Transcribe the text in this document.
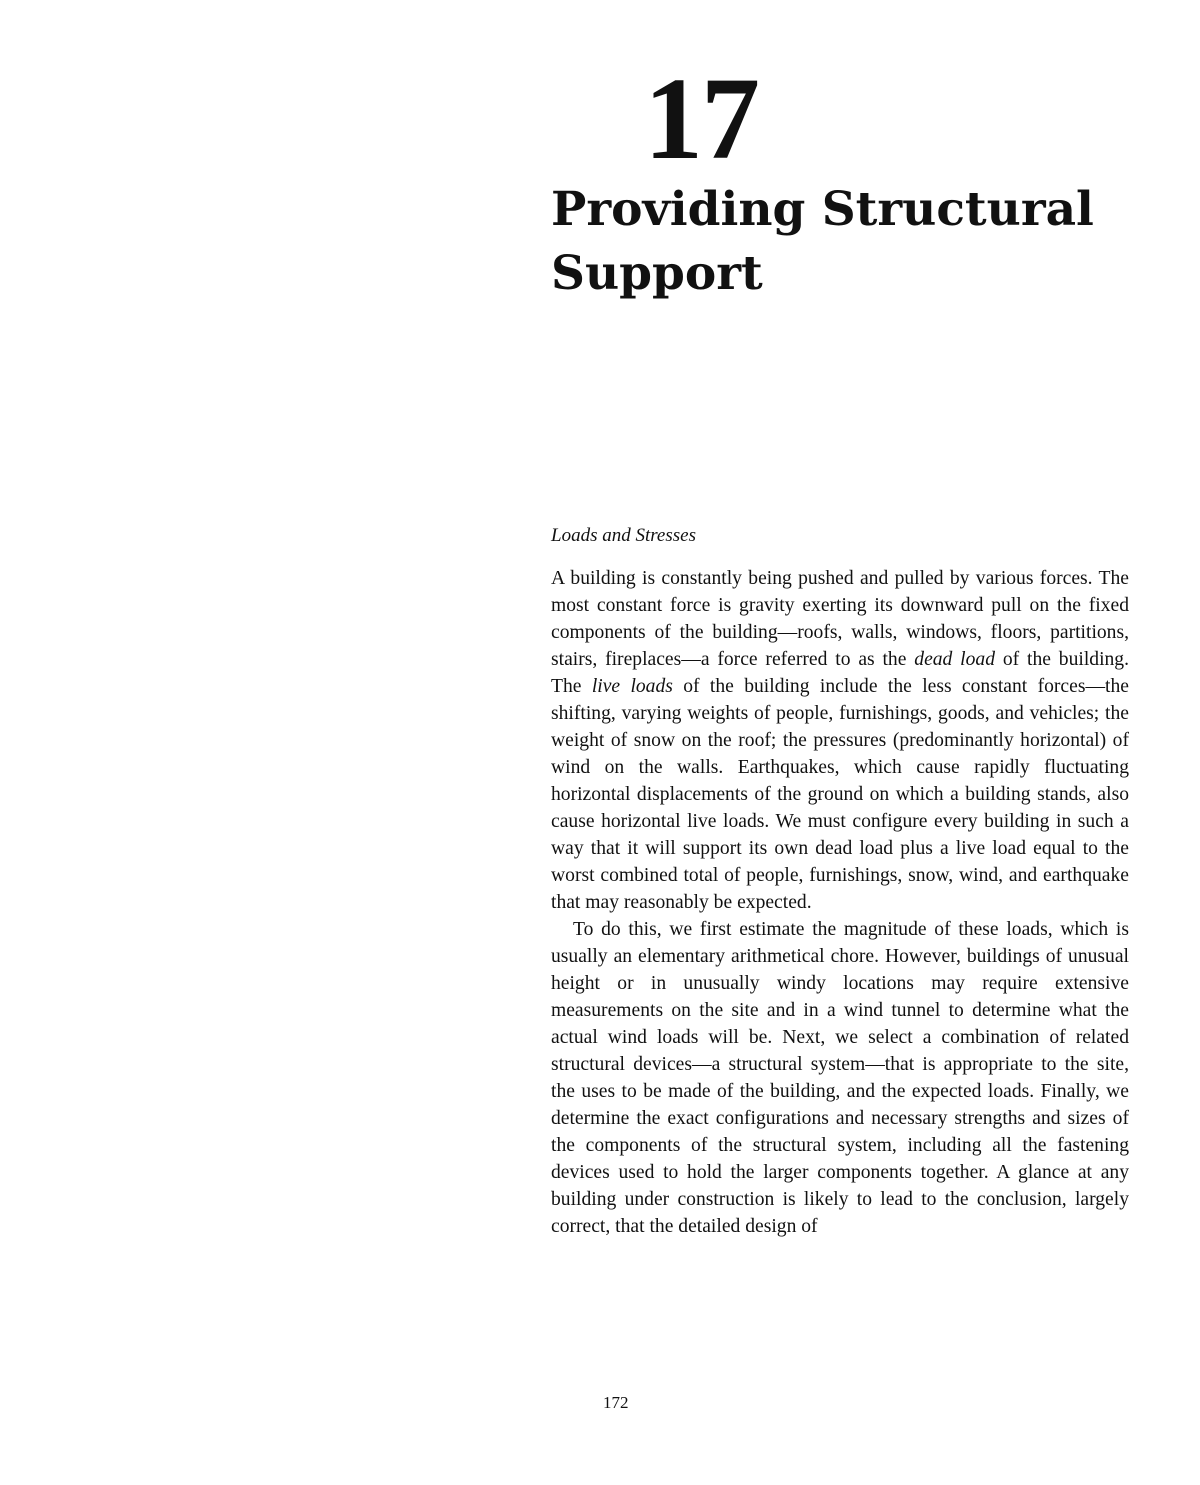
17
Providing Structural Support
Loads and Stresses

A building is constantly being pushed and pulled by various forces. The most constant force is gravity exerting its downward pull on the fixed components of the building—roofs, walls, windows, floors, partitions, stairs, fireplaces—a force referred to as the dead load of the building. The live loads of the building include the less constant forces—the shifting, varying weights of people, furnishings, goods, and vehicles; the weight of snow on the roof; the pressures (predominantly horizontal) of wind on the walls. Earthquakes, which cause rapidly fluctuating horizontal displacements of the ground on which a building stands, also cause horizontal live loads. We must configure every building in such a way that it will support its own dead load plus a live load equal to the worst combined total of people, furnishings, snow, wind, and earthquake that may reasonably be expected.

To do this, we first estimate the magnitude of these loads, which is usually an elementary arithmetical chore. However, buildings of unusual height or in unusually windy locations may require extensive measurements on the site and in a wind tunnel to determine what the actual wind loads will be. Next, we select a combination of related structural devices—a structural system—that is appropriate to the site, the uses to be made of the building, and the expected loads. Finally, we determine the exact configurations and necessary strengths and sizes of the components of the structural system, including all the fastening devices used to hold the larger components together. A glance at any building under construction is likely to lead to the conclusion, largely correct, that the detailed design of

172
